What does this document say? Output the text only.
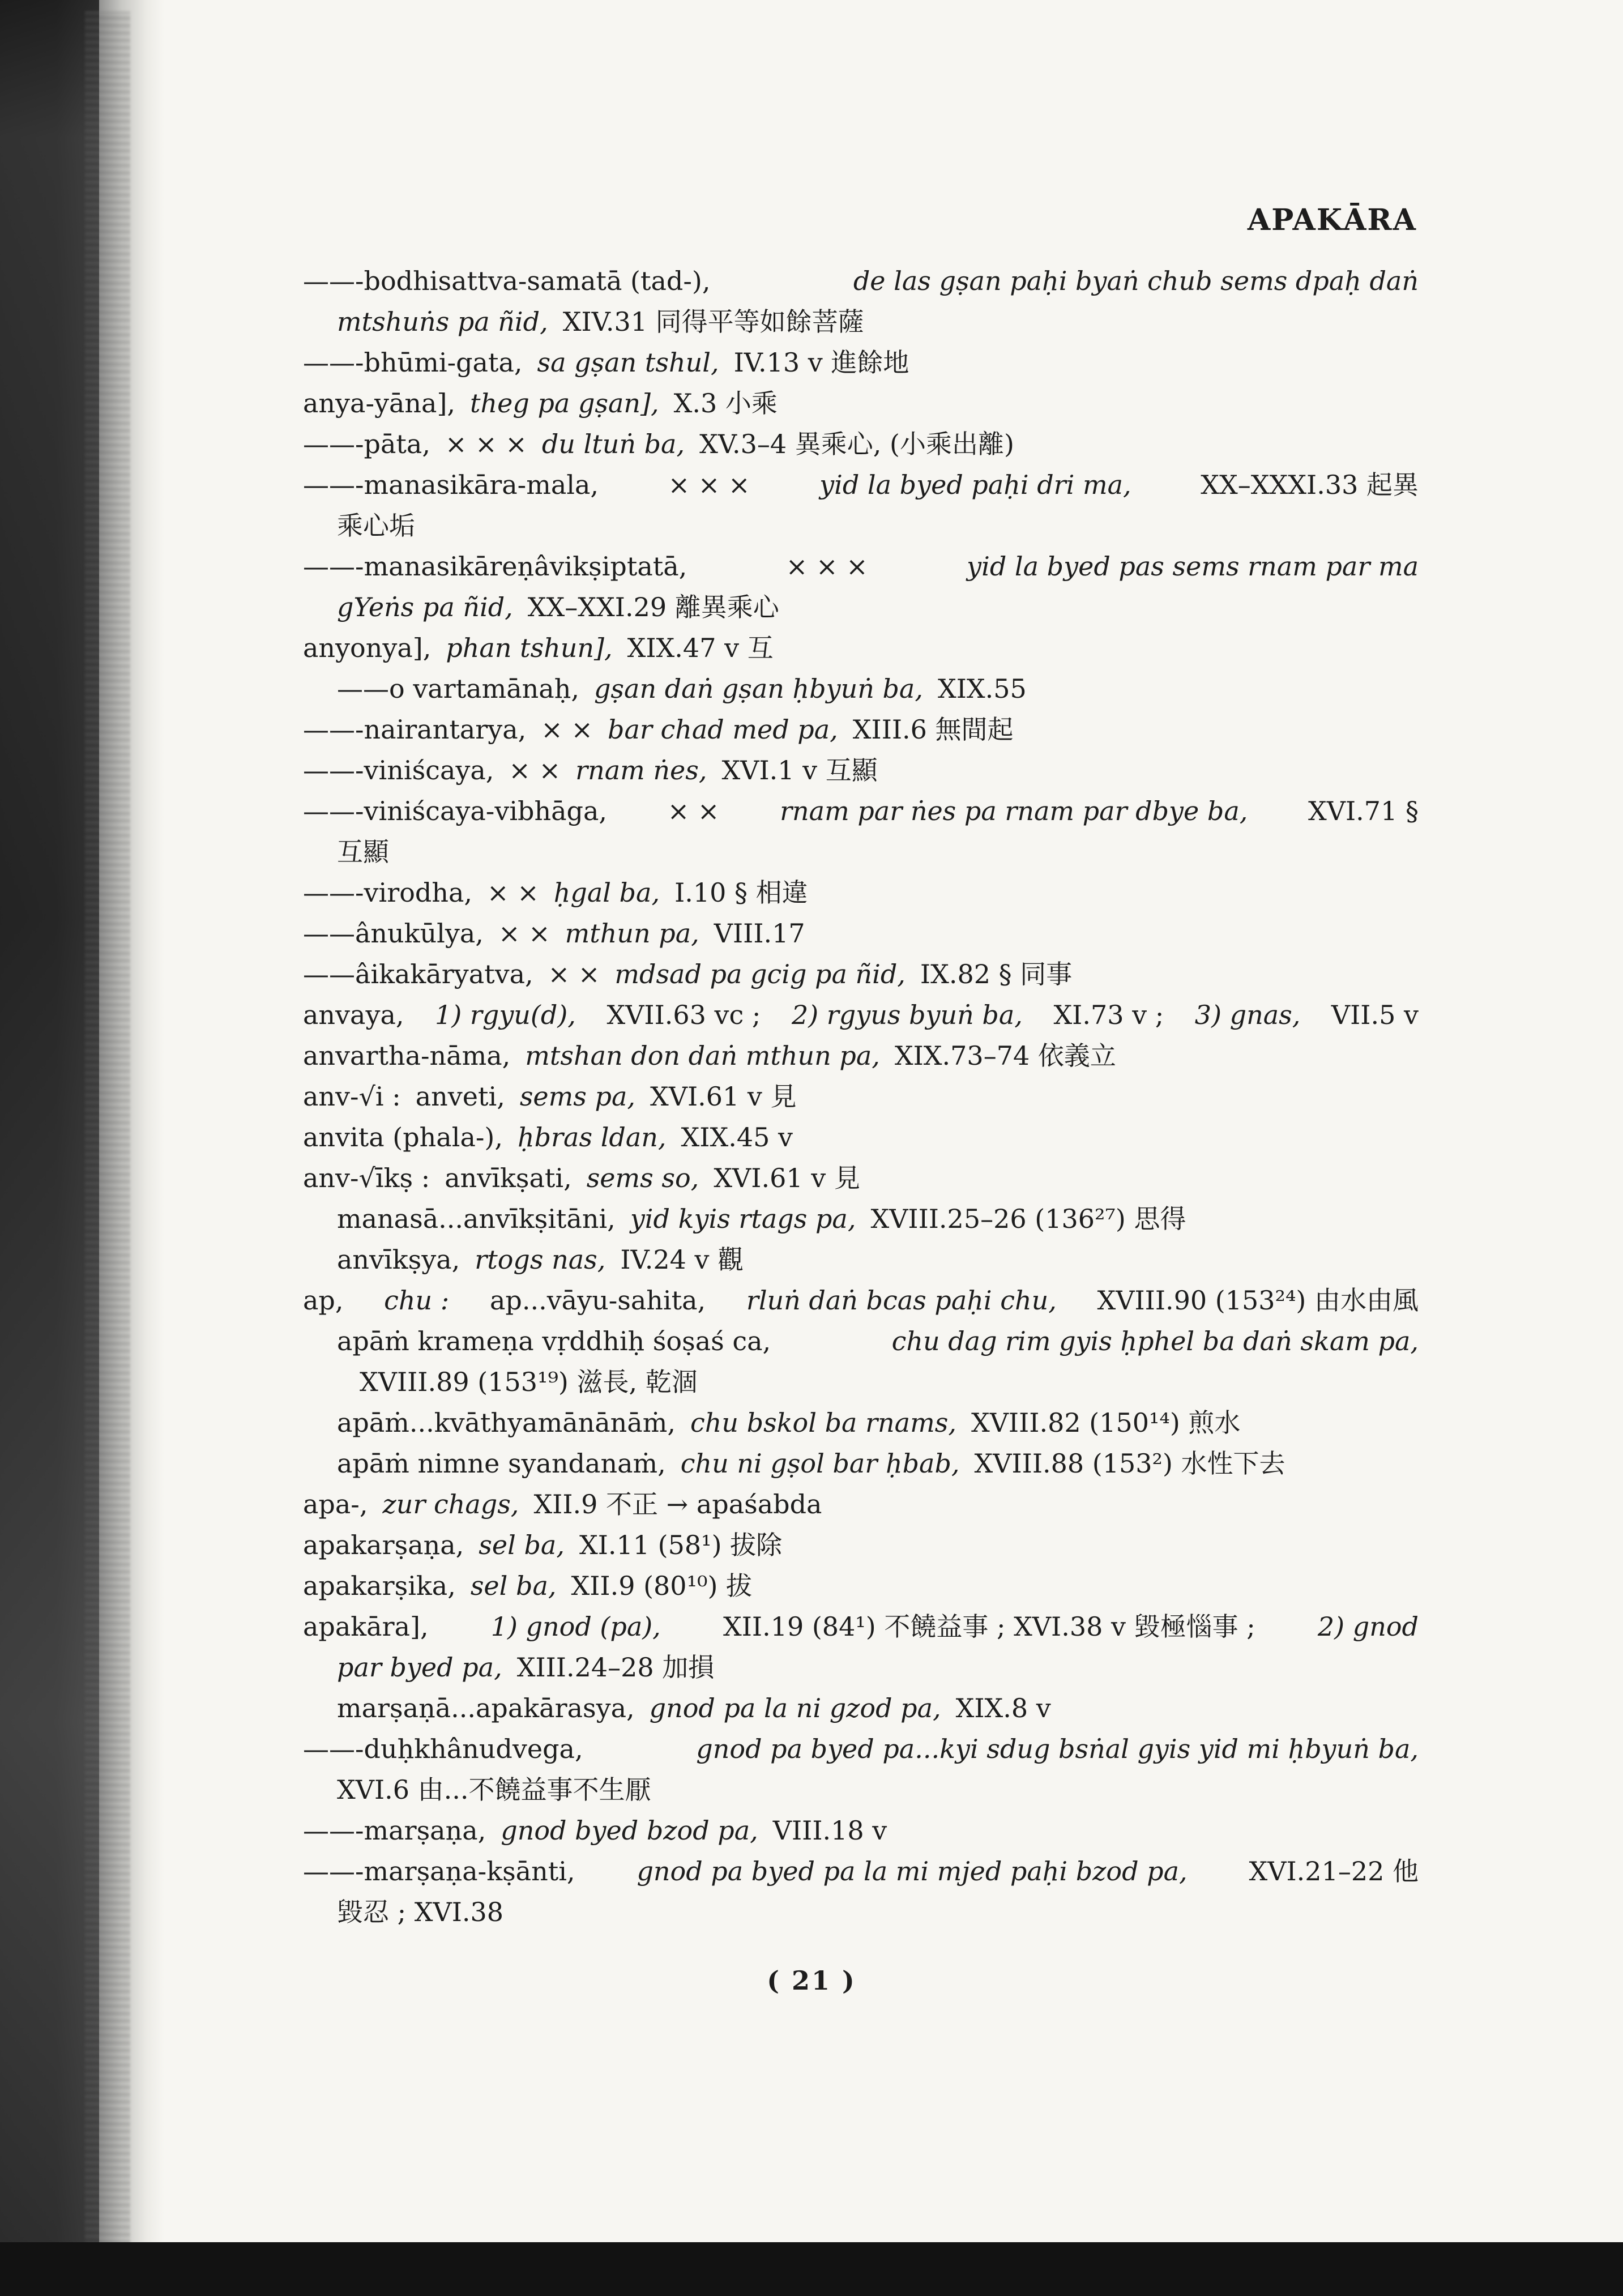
APAKĀRA
——-bodhisattva-samatā (tad-),	de las gṣan paḥi byaṅ chub sems dpaḥ daṅ
mtshuṅs pa ñid, XIV.31 同得平等如餘菩薩
——-bhūmi-gata, sa gṣan tshul, IV.13 v 進餘地
anya-yāna], theg pa gṣan], X.3 小乘
——-pāta, × × × du ltuṅ ba, XV.3–4 異乘心, (小乘出離)
——-manasikāra-mala,	× × ×	yid la byed paḥi dri ma,	XX–XXXI.33 起異
乘心垢
——-manasikāreṇâvikṣiptatā,	× × ×	yid la byed pas sems rnam par ma
gYeṅs pa ñid, XX–XXI.29 離異乘心
anyonya], phan tshun], XIX.47 v 互
——o vartamānaḥ, gṣan daṅ gṣan ḥbyuṅ ba, XIX.55
——-nairantarya, × × bar chad med pa, XIII.6 無間起
——-viniścaya, × × rnam ṅes, XVI.1 v 互顯
——-viniścaya-vibhāga, × × rnam par ṅes pa rnam par dbye ba, XVI.71 §
互顯
——-virodha, × × ḥgal ba, I.10 § 相違
——ânukūlya, × × mthun pa, VIII.17
——âikakāryatva, × × mdsad pa gcig pa ñid, IX.82 § 同事
anvaya, 1) rgyu(d), XVII.63 vc ; 2) rgyus byuṅ ba, XI.73 v ; 3) gnas, VII.5 v
anvartha-nāma, mtshan don daṅ mthun pa, XIX.73–74 依義立
anv-√i : anveti, sems pa, XVI.61 v 見
anvita (phala-), ḥbras ldan, XIX.45 v
anv-√īkṣ : anvīkṣati, sems so, XVI.61 v 見
manasā...anvīkṣitāni, yid kyis rtags pa, XVIII.25–26 (136²⁷) 思得
anvīkṣya, rtogs nas, IV.24 v 觀
ap, chu : ap...vāyu-sahita, rluṅ daṅ bcas paḥi chu, XVIII.90 (153²⁴) 由水由風
apāṁ krameṇa vṛddhiḥ śoṣaś ca,	chu dag rim gyis ḥphel ba daṅ skam pa,
XVIII.89 (153¹⁹) 滋長, 乾涸
apāṁ...kvāthyamānānāṁ, chu bskol ba rnams, XVIII.82 (150¹⁴) 煎水
apāṁ nimne syandanaṁ, chu ni gṣol bar ḥbab, XVIII.88 (153²) 水性下去
apa-, zur chags, XII.9 不正 → apaśabda
apakarṣaṇa, sel ba, XI.11 (58¹) 拔除
apakarṣika, sel ba, XII.9 (80¹⁰) 拔
apakāra], 1) gnod (pa), XII.19 (84¹) 不饒益事 ; XVI.38 v 毀極惱事 ; 2) gnod
par byed pa, XIII.24–28 加損
marṣaṇā...apakārasya, gnod pa la ni gzod pa, XIX.8 v
——-duḥkhânudvega,	gnod pa byed pa...kyi sdug bsṅal gyis yid mi ḥbyuṅ ba,
XVI.6 由...不饒益事不生厭
——-marṣaṇa, gnod byed bzod pa, VIII.18 v
——-marṣaṇa-kṣānti, gnod pa byed pa la mi mjed paḥi bzod pa, XVI.21–22 他
毀忍 ; XVI.38
( 21 )
